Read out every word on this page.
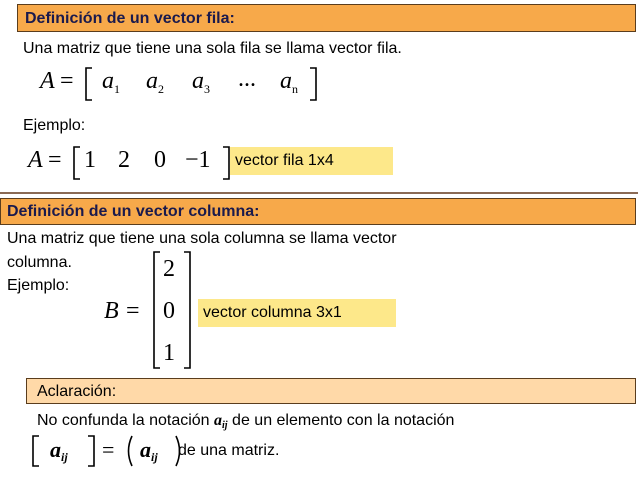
Definición de un vector fila:
Una matriz que tiene una sola fila se llama vector fila.
$A = a_1$ $a_2$ $a_3$ ... $a_n$
Ejemplo:
A = 1 2 0 −1	vector fila 1x4
Definición de un vector columna:
Una matriz que tiene una sola columna se llama vector
columna.
Ejemplo:
B =
2
0
1
vector columna 3x1
Aclaración:
No confunda la notación aij de un elemento con la notación
aij = aij de una matriz.
